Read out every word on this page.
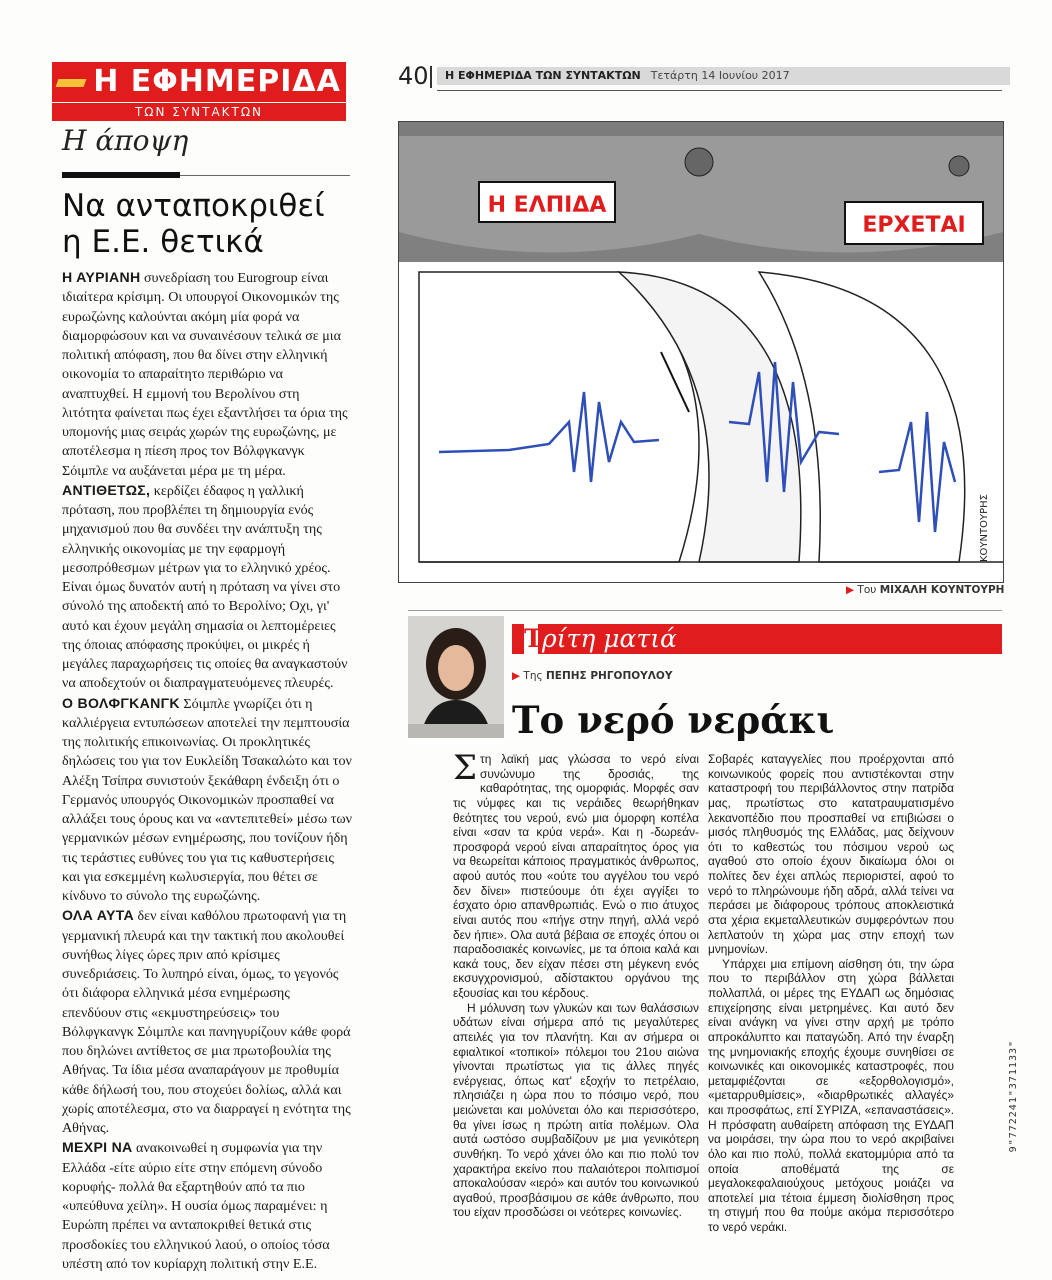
Η ΕΦΗΜΕΡΙΔΑ
ΤΩΝ ΣΥΝΤΑΚΤΩΝ
Η άποψη
Να ανταποκριθεί
η Ε.Ε. θετικά

Η ΑΥΡΙΑΝΗ συνεδρίαση του Eurogroup είναι ιδιαίτερα κρίσιμη. Οι υπουργοί Οικονομικών της ευρωζώνης καλούνται ακόμη μία φορά να διαμορφώσουν και να συναινέσουν τελικά σε μια πολιτική απόφαση, που θα δίνει στην ελληνική οικονομία το απαραίτητο περιθώριο να αναπτυχθεί. Η εμμονή του Βερολίνου στη λιτότητα φαίνεται πως έχει εξαντλήσει τα όρια της υπομονής μιας σειράς χωρών της ευρωζώνης, με αποτέλεσμα η πίεση προς τον Βόλφγκανγκ Σόιμπλε να αυξάνεται μέρα με τη μέρα.

ΑΝΤΙΘΕΤΩΣ, κερδίζει έδαφος η γαλλική πρόταση, που προβλέπει τη δημιουργία ενός μηχανισμού που θα συνδέει την ανάπτυξη της ελληνικής οικονομίας με την εφαρμογή μεσοπρόθεσμων μέτρων για το ελληνικό χρέος. Είναι όμως δυνατόν αυτή η πρόταση να γίνει στο σύνολό της αποδεκτή από το Βερολίνο; Οχι, γι' αυτό και έχουν μεγάλη σημασία οι λεπτομέρειες της όποιας απόφασης προκύψει, οι μικρές ή μεγάλες παραχωρήσεις τις οποίες θα αναγκαστούν να αποδεχτούν οι διαπραγματευόμενες πλευρές.

Ο ΒΟΛΦΓΚΑΝΓΚ Σόιμπλε γνωρίζει ότι η καλλιέργεια εντυπώσεων αποτελεί την πεμπτουσία της πολιτικής επικοινωνίας. Οι προκλητικές δηλώσεις του για τον Ευκλείδη Τσακαλώτο και τον Αλέξη Τσίπρα συνιστούν ξεκάθαρη ένδειξη ότι ο Γερμανός υπουργός Οικονομικών προσπαθεί να αλλάξει τους όρους και να «αντεπιτεθεί» μέσω των γερμανικών μέσων ενημέρωσης, που τονίζουν ήδη τις τεράστιες ευθύνες του για τις καθυστερήσεις και για εσκεμμένη κωλυσιεργία, που θέτει σε κίνδυνο το σύνολο της ευρωζώνης.

ΟΛΑ ΑΥΤΑ δεν είναι καθόλου πρωτοφανή για τη γερμανική πλευρά και την τακτική που ακολουθεί συνήθως λίγες ώρες πριν από κρίσιμες συνεδριάσεις. Το λυπηρό είναι, όμως, το γεγονός ότι διάφορα ελληνικά μέσα ενημέρωσης επενδύουν στις «εκμυστηρεύσεις» του Βόλφγκανγκ Σόιμπλε και πανηγυρίζουν κάθε φορά που δηλώνει αντίθετος σε μια πρωτοβουλία της Αθήνας. Τα ίδια μέσα αναπαράγουν με προθυμία κάθε δήλωσή του, που στοχεύει δολίως, αλλά και χωρίς αποτέλεσμα, στο να διαρραγεί η ενότητα της Αθήνας.

ΜΕΧΡΙ ΝΑ ανακοινωθεί η συμφωνία για την Ελλάδα -είτε αύριο είτε στην επόμενη σύνοδο κορυφής- πολλά θα εξαρτηθούν από τα πιο «υπεύθυνα χείλη». Η ουσία όμως παραμένει: η Ευρώπη πρέπει να ανταποκριθεί θετικά στις προσδοκίες του ελληνικού λαού, ο οποίος τόσα υπέστη από τον κυρίαρχη πολιτική στην Ε.Ε.

40	Η ΕΦΗΜΕΡΙΔΑ ΤΩΝ ΣΥΝΤΑΚΤΩΝ Τετάρτη 14 Ιουνίου 2017
Η ΕΛΠΙΔΑ
ΕΡΧΕΤΑΙ
ΚΟΥΝΤΟΥΡΗΣ
▶ Του ΜΙΧΑΛΗ ΚΟΥΝΤΟΥΡΗ
Τρίτη ματιά
▶ Της ΠΕΠΗΣ ΡΗΓΟΠΟΥΛΟΥ
Το νερό νεράκι

Στη λαϊκή μας γλώσσα το νερό είναι συνώνυμο της δροσιάς, της καθαρότητας, της ομορφιάς. Μορφές σαν τις νύμφες και τις νεράιδες θεωρήθηκαν θεότητες του νερού, ενώ μια όμορφη κοπέλα είναι «σαν τα κρύα νερά». Και η -δωρεάν- προσφορά νερού είναι απαραίτητος όρος για να θεωρείται κάποιος πραγματικός άνθρωπος, αφού αυτός που «ούτε του αγγέλου του νερό δεν δίνει» πιστεύουμε ότι έχει αγγίξει το έσχατο όριο απανθρωπιάς. Ενώ ο πιο άτυχος είναι αυτός που «πήγε στην πηγή, αλλά νερό δεν ήπιε». Ολα αυτά βέβαια σε εποχές όπου οι παραδοσιακές κοινωνίες, με τα όποια καλά και κακά τους, δεν είχαν πέσει στη μέγκενη ενός εκσυγχρονισμού, αδίστακτου οργάνου της εξουσίας και του κέρδους.

Η μόλυνση των γλυκών και των θαλάσσιων υδάτων είναι σήμερα από τις μεγαλύτερες απειλές για τον πλανήτη. Και αν σήμερα οι εφιαλτικοί «τοπικοί» πόλεμοι του 21ου αιώνα γίνονται πρωτίστως για τις άλλες πηγές ενέργειας, όπως κατ' εξοχήν το πετρέλαιο, πλησιάζει η ώρα που το πόσιμο νερό, που μειώνεται και μολύνεται όλο και περισσότερο, θα γίνει ίσως η πρώτη αιτία πολέμων. Ολα αυτά ωστόσο συμβαδίζουν με μια γενικότερη συνθήκη. Το νερό χάνει όλο και πιο πολύ τον χαρακτήρα εκείνο που παλαιότεροι πολιτισμοί αποκαλούσαν «ιερό» και αυτόν του κοινωνικού αγαθού, προσβάσιμου σε κάθε άνθρωπο, που του είχαν προσδώσει οι νεότερες κοινωνίες.

Σοβαρές καταγγελίες που προέρχονται από κοινωνικούς φορείς που αντιστέκονται στην καταστροφή του περιβάλλοντος στην πατρίδα μας, πρωτίστως στο κατατραυματισμένο λεκανοπέδιο που προσπαθεί να επιβιώσει ο μισός πληθυσμός της Ελλάδας, μας δείχνουν ότι το καθεστώς του πόσιμου νερού ως αγαθού στο οποίο έχουν δικαίωμα όλοι οι πολίτες δεν έχει απλώς περιοριστεί, αφού το νερό το πληρώνουμε ήδη αδρά, αλλά τείνει να περάσει με διάφορους τρόπους αποκλειστικά στα χέρια εκμεταλλευτικών συμφερόντων που λεπλατούν τη χώρα μας στην εποχή των μνημονίων.

Υπάρχει μια επίμονη αίσθηση ότι, την ώρα που το περιβάλλον στη χώρα βάλλεται πολλαπλά, οι μέρες της ΕΥΔΑΠ ως δημόσιας επιχείρησης είναι μετρημένες. Και αυτό δεν είναι ανάγκη να γίνει στην αρχή με τρόπο απροκάλυπτο και παταγώδη. Από την έναρξη της μνημονιακής εποχής έχουμε συνηθίσει σε κοινωνικές και οικονομικές καταστροφές, που μεταμφιέζονται σε «εξορθολογισμό», «μεταρρυθμίσεις», «διαρθρωτικές αλλαγές» και προσφάτως, επί ΣΥΡΙΖΑ, «επαναστάσεις». Η πρόσφατη αυθαίρετη απόφαση της ΕΥΔΑΠ να μοιράσει, την ώρα που το νερό ακριβαίνει όλο και πιο πολύ, πολλά εκατομμύρια από τα οποία αποθέματά της σε μεγαλοκεφαλαιούχους μετόχους μοιάζει να αποτελεί μια τέτοια έμμεση διολίσθηση προς τη στιγμή που θα πούμε ακόμα περισσότερο το νερό νεράκι.

9"772241"371133"
